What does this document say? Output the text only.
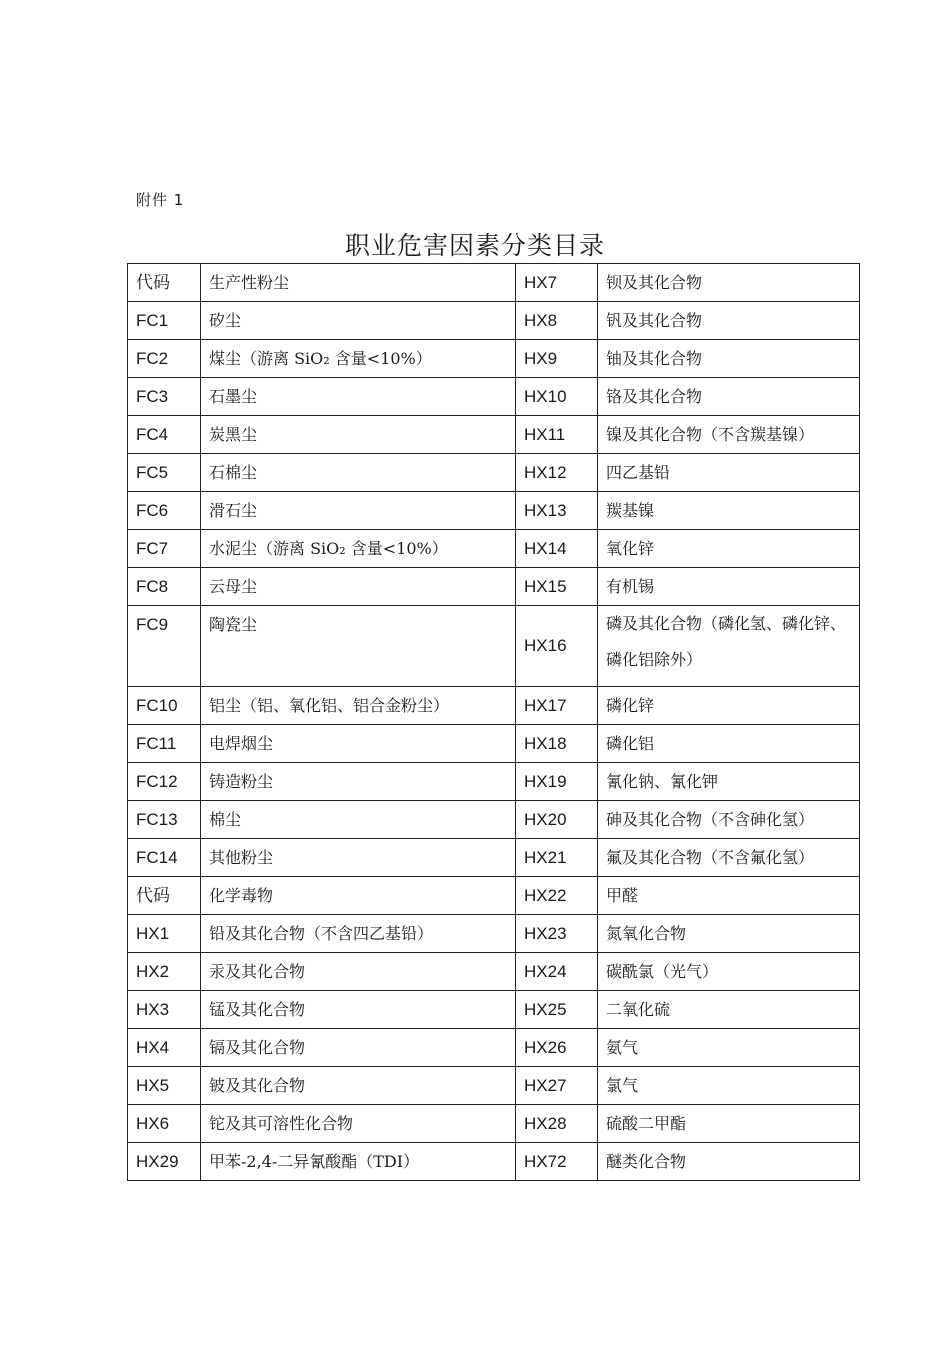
附件 1
职业危害因素分类目录
代码	生产性粉尘	HX7	钡及其化合物
FC1	矽尘	HX8	钒及其化合物
FC2	煤尘（游离 SiO₂ 含量<10%）	HX9	铀及其化合物
FC3	石墨尘	HX10	铬及其化合物
FC4	炭黑尘	HX11	镍及其化合物（不含羰基镍）
FC5	石棉尘	HX12	四乙基铅
FC6	滑石尘	HX13	羰基镍
FC7	水泥尘（游离 SiO₂ 含量<10%）	HX14	氧化锌
FC8	云母尘	HX15	有机锡
FC9	陶瓷尘	HX16	磷及其化合物（磷化氢、磷化锌、磷化铝除外）
FC10	铝尘（铝、氧化铝、铝合金粉尘）	HX17	磷化锌
FC11	电焊烟尘	HX18	磷化铝
FC12	铸造粉尘	HX19	氰化钠、氰化钾
FC13	棉尘	HX20	砷及其化合物（不含砷化氢）
FC14	其他粉尘	HX21	氟及其化合物（不含氟化氢）
代码	化学毒物	HX22	甲醛
HX1	铅及其化合物（不含四乙基铅）	HX23	氮氧化合物
HX2	汞及其化合物	HX24	碳酰氯（光气）
HX3	锰及其化合物	HX25	二氧化硫
HX4	镉及其化合物	HX26	氨气
HX5	铍及其化合物	HX27	氯气
HX6	铊及其可溶性化合物	HX28	硫酸二甲酯
HX29	甲苯-2,4-二异氰酸酯（TDI）	HX72	醚类化合物
